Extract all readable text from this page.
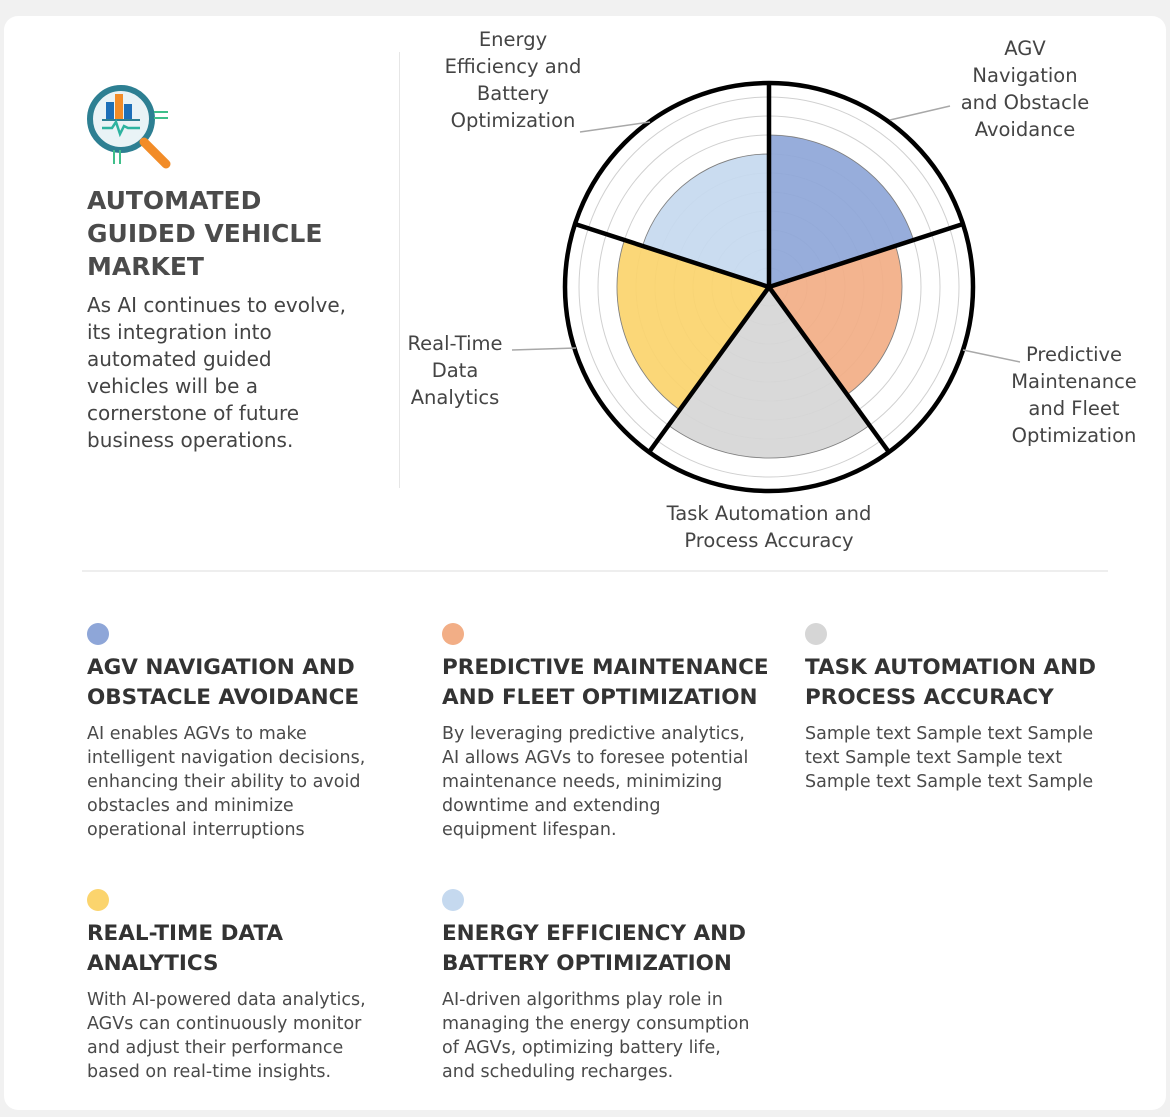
AUTOMATED
GUIDED VEHICLE
MARKET

As AI continues to evolve, its integration into automated guided vehicles will be a cornerstone of future business operations.

AGV Navigation and Obstacle Avoidance
Predictive Maintenance and Fleet Optimization
Task Automation and Process Accuracy
Real-Time Data Analytics
Energy Efficiency and Battery Optimization
AGV NAVIGATION AND
OBSTACLE AVOIDANCE

AI enables AGVs to make
intelligent navigation decisions,
enhancing their ability to avoid
obstacles and minimize
operational interruptions

PREDICTIVE MAINTENANCE
AND FLEET OPTIMIZATION

By leveraging predictive analytics,
AI allows AGVs to foresee potential
maintenance needs, minimizing
downtime and extending
equipment lifespan.

TASK AUTOMATION AND
PROCESS ACCURACY

Sample text Sample text Sample
text Sample text Sample text
Sample text Sample text Sample

REAL-TIME DATA
ANALYTICS

With AI-powered data analytics,
AGVs can continuously monitor
and adjust their performance
based on real-time insights.

ENERGY EFFICIENCY AND
BATTERY OPTIMIZATION

AI-driven algorithms play role in
managing the energy consumption
of AGVs, optimizing battery life,
and scheduling recharges.
